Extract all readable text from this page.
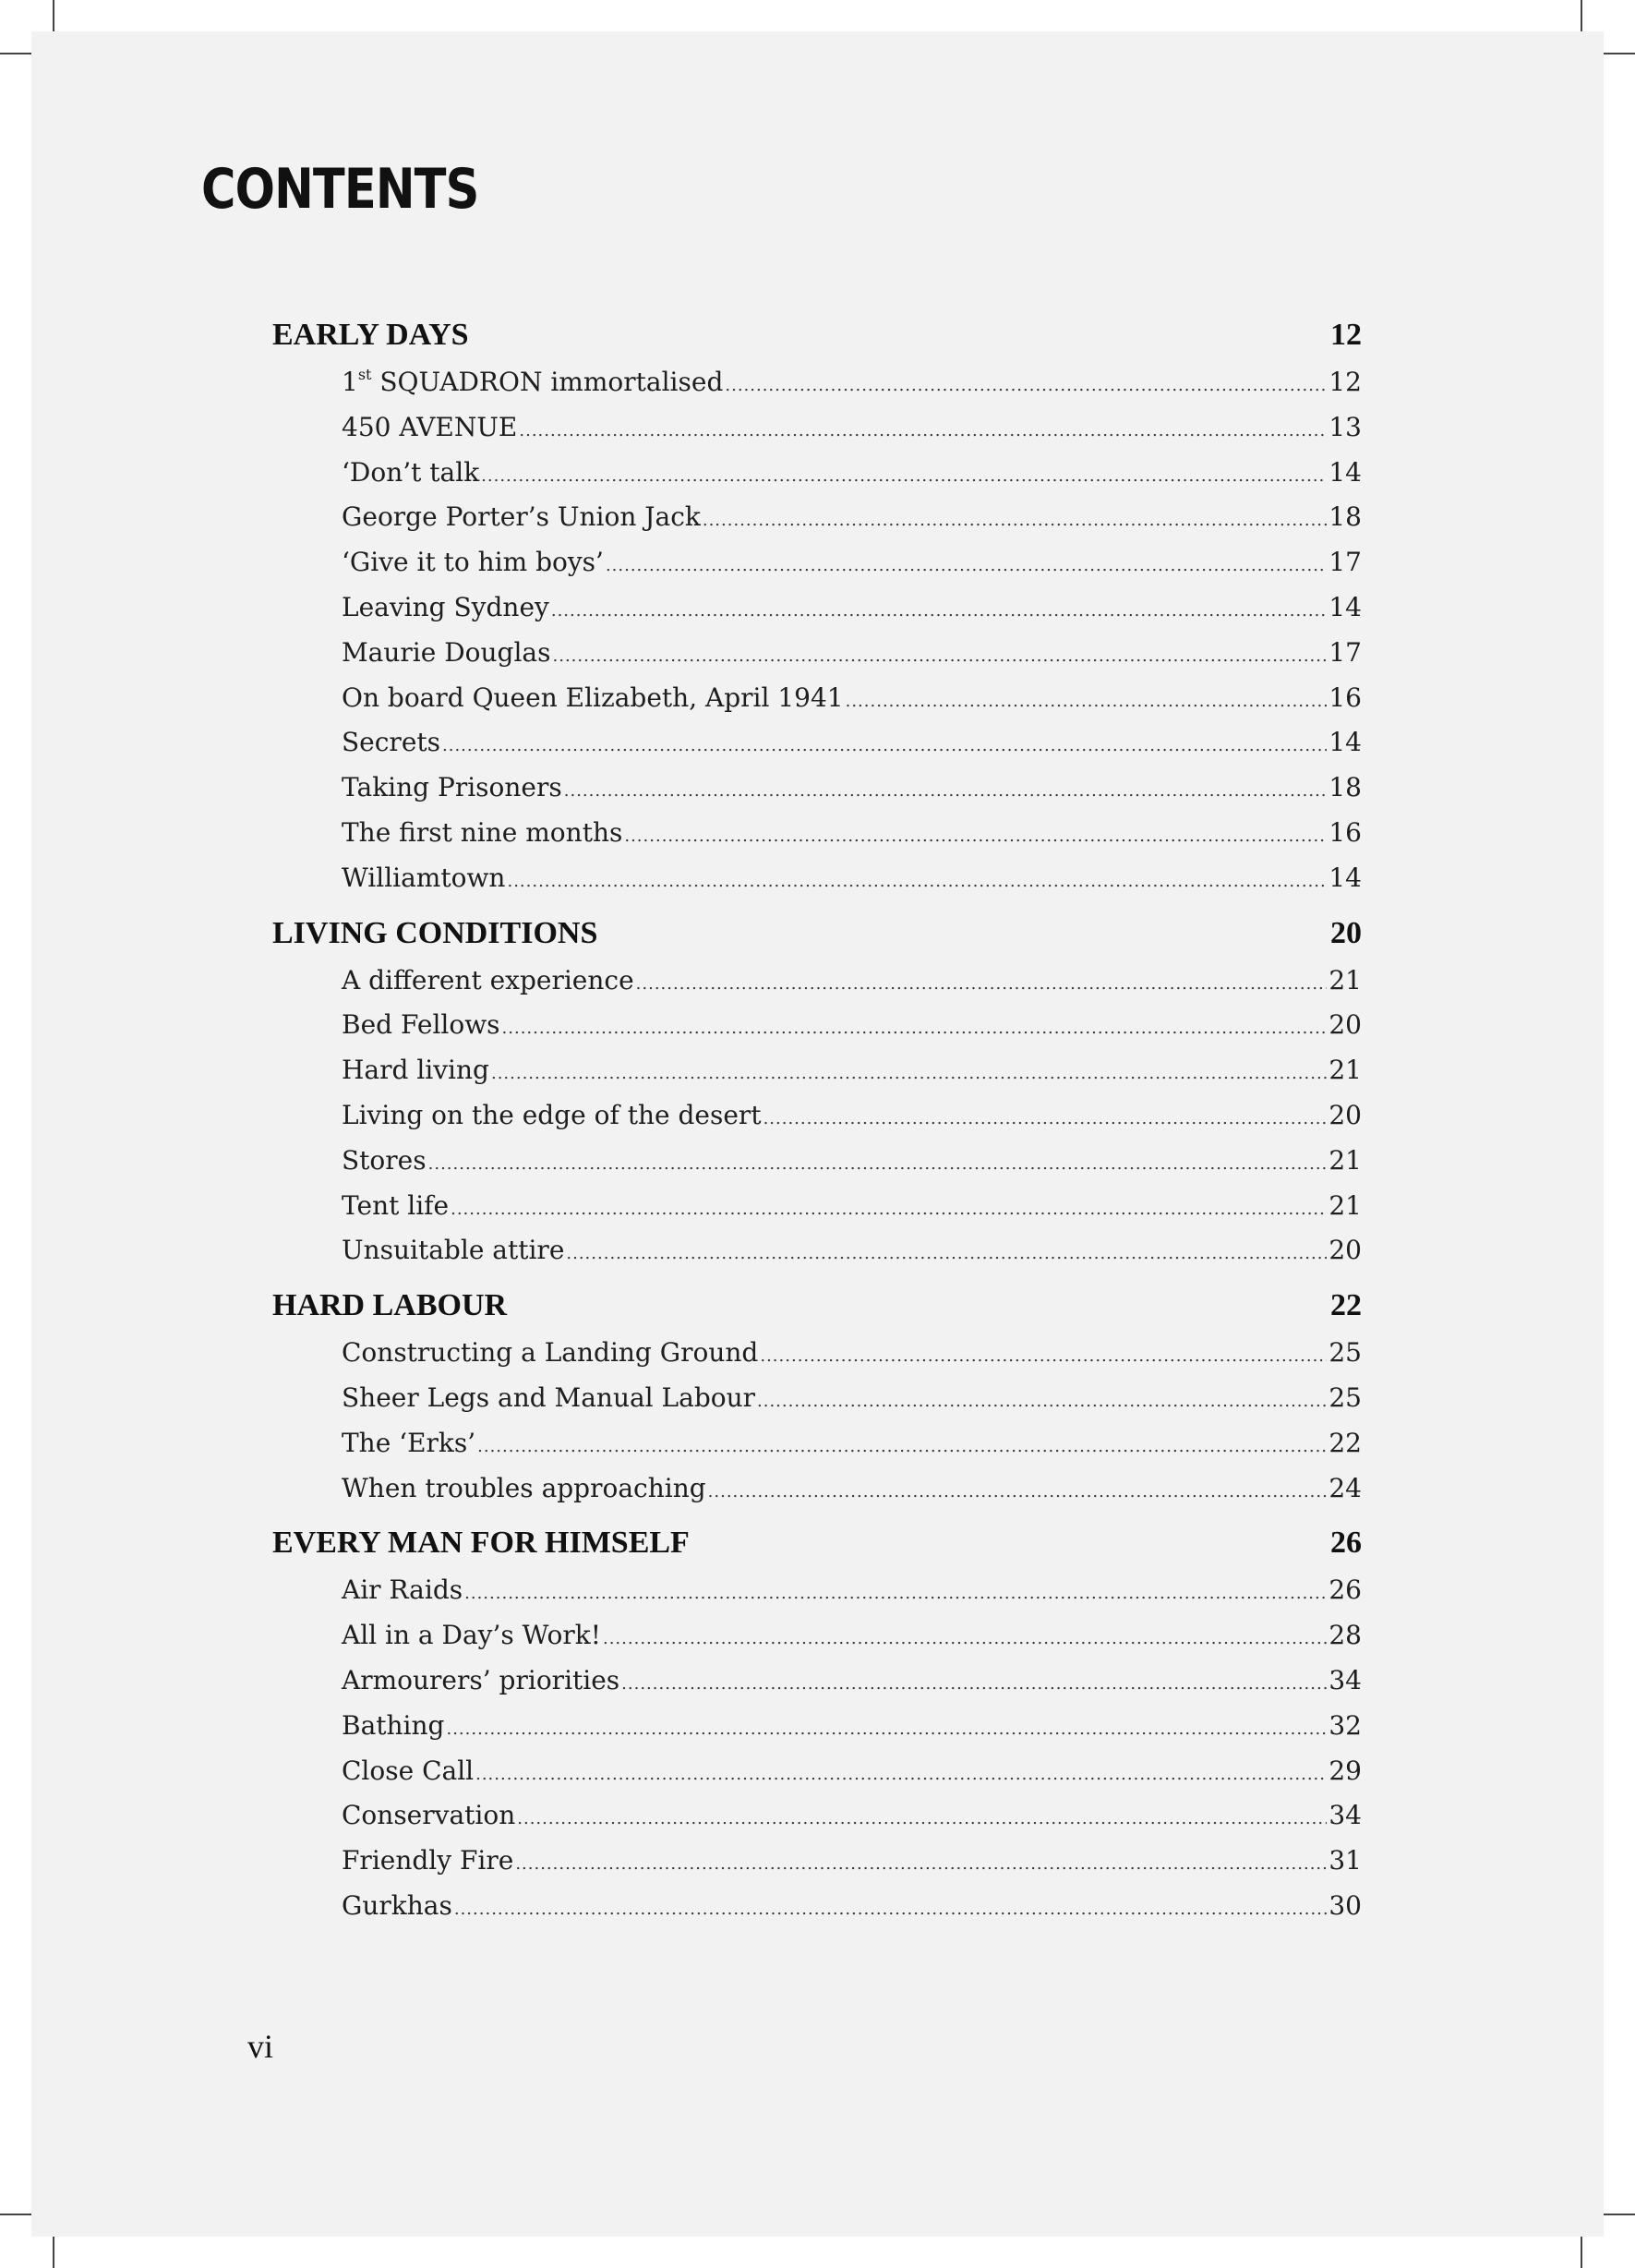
CONTENTS
EARLY DAYS	12
1st SQUADRON immortalised .....	12
450 AVENUE .....	13
‘Don’t talk .....	14
George Porter’s Union Jack .....	18
‘Give it to him boys’ .....	17
Leaving Sydney .....	14
Maurie Douglas .....	17
On board Queen Elizabeth, April 1941 .....	16
Secrets .....	14
Taking Prisoners .....	18
The first nine months .....	16
Williamtown .....	14
LIVING CONDITIONS	20
A different experience .....	21
Bed Fellows .....	20
Hard living .....	21
Living on the edge of the desert .....	20
Stores .....	21
Tent life .....	21
Unsuitable attire .....	20
HARD LABOUR	22
Constructing a Landing Ground .....	25
Sheer Legs and Manual Labour .....	25
The ‘Erks’ .....	22
When troubles approaching .....	24
EVERY MAN FOR HIMSELF	26
Air Raids .....	26
All in a Day’s Work! .....	28
Armourers’ priorities .....	34
Bathing .....	32
Close Call .....	29
Conservation .....	34
Friendly Fire .....	31
Gurkhas .....	30
vi
